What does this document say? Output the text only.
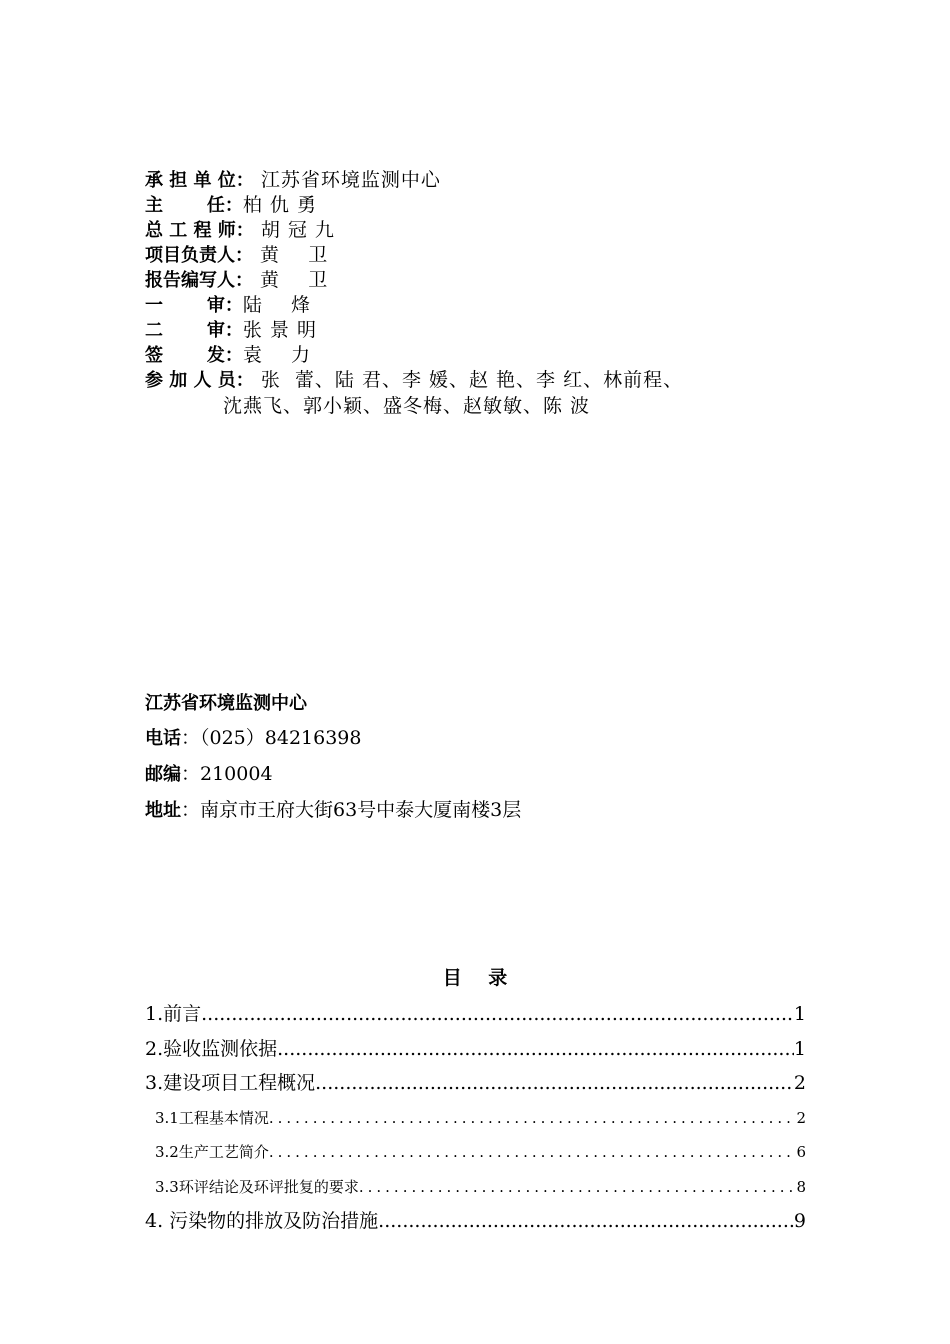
承 担 单 位： 江苏省环境监测中心
主       任： 柏 仇 勇
总 工 程 师： 胡 冠 九
项目负责人： 黄    卫
报告编写人： 黄    卫
一       审： 陆    烽
二       审： 张 景 明
签       发： 袁    力
参 加 人 员： 张  蕾、陆 君、李 媛、赵 艳、李 红、林前程、
沈燕飞、郭小颖、盛冬梅、赵敏敏、陈 波
江苏省环境监测中心
电话：（025）84216398
邮编：210004
地址：南京市王府大街63号中泰大厦南楼3层
目    录
1.前言 .....	1
2.验收监测依据 .....	1
3.建设项目工程概况 .....	2
3.1工程基本情况 .....	2
3.2生产工艺简介 .....	6
3.3环评结论及环评批复的要求 .....	8
4. 污染物的排放及防治措施 .....	9
